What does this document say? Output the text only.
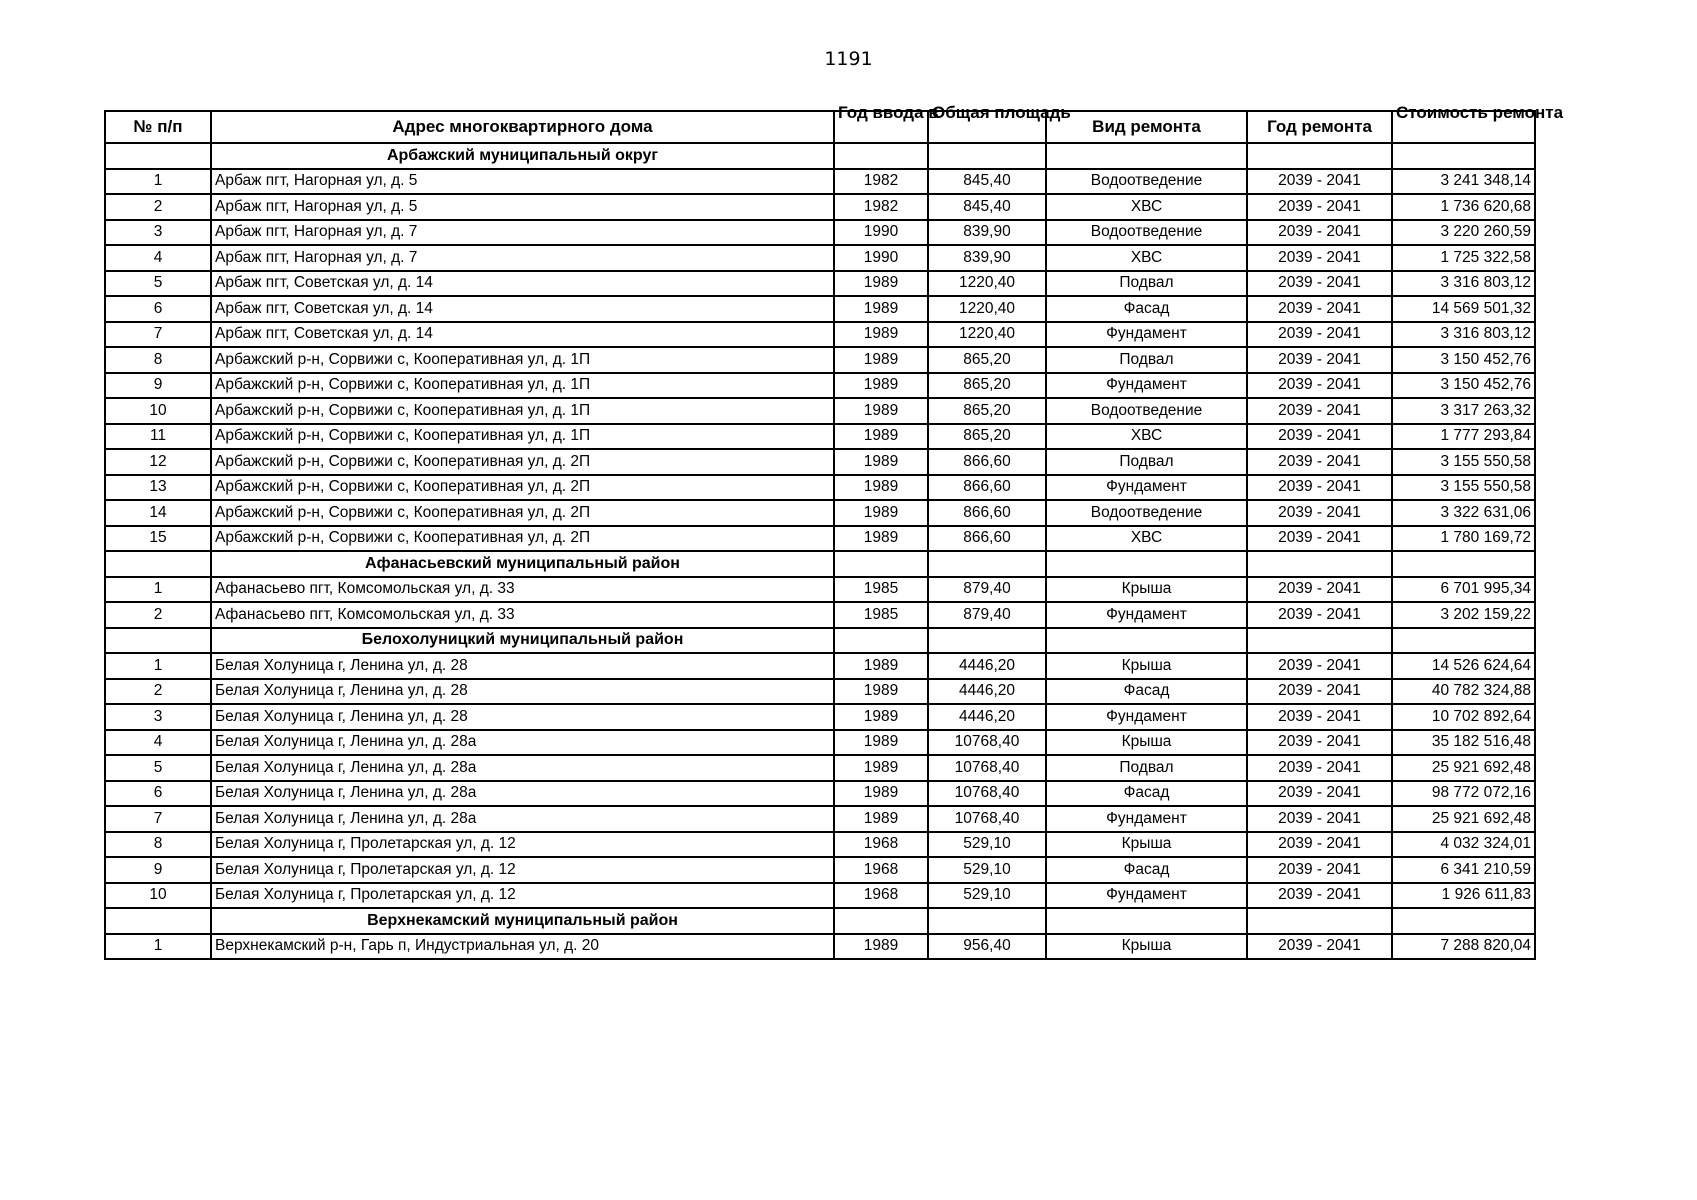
1191
№ п/п	Адрес многоквартирного дома	Год ввода в	Общая площадь	Вид ремонта	Год ремонта	Стоимость ремонта

	Арбажский муниципальный округ					
1	Арбаж пгт, Нагорная ул, д. 5	1982	845,40	Водоотведение	2039 - 2041	3 241 348,14
2	Арбаж пгт, Нагорная ул, д. 5	1982	845,40	ХВС	2039 - 2041	1 736 620,68
3	Арбаж пгт, Нагорная ул, д. 7	1990	839,90	Водоотведение	2039 - 2041	3 220 260,59
4	Арбаж пгт, Нагорная ул, д. 7	1990	839,90	ХВС	2039 - 2041	1 725 322,58
5	Арбаж пгт, Советская ул, д. 14	1989	1220,40	Подвал	2039 - 2041	3 316 803,12
6	Арбаж пгт, Советская ул, д. 14	1989	1220,40	Фасад	2039 - 2041	14 569 501,32
7	Арбаж пгт, Советская ул, д. 14	1989	1220,40	Фундамент	2039 - 2041	3 316 803,12
8	Арбажский р-н, Сорвижи с, Кооперативная ул, д. 1П	1989	865,20	Подвал	2039 - 2041	3 150 452,76
9	Арбажский р-н, Сорвижи с, Кооперативная ул, д. 1П	1989	865,20	Фундамент	2039 - 2041	3 150 452,76
10	Арбажский р-н, Сорвижи с, Кооперативная ул, д. 1П	1989	865,20	Водоотведение	2039 - 2041	3 317 263,32
11	Арбажский р-н, Сорвижи с, Кооперативная ул, д. 1П	1989	865,20	ХВС	2039 - 2041	1 777 293,84
12	Арбажский р-н, Сорвижи с, Кооперативная ул, д. 2П	1989	866,60	Подвал	2039 - 2041	3 155 550,58
13	Арбажский р-н, Сорвижи с, Кооперативная ул, д. 2П	1989	866,60	Фундамент	2039 - 2041	3 155 550,58
14	Арбажский р-н, Сорвижи с, Кооперативная ул, д. 2П	1989	866,60	Водоотведение	2039 - 2041	3 322 631,06
15	Арбажский р-н, Сорвижи с, Кооперативная ул, д. 2П	1989	866,60	ХВС	2039 - 2041	1 780 169,72
	Афанасьевский муниципальный район					
1	Афанасьево пгт, Комсомольская ул, д. 33	1985	879,40	Крыша	2039 - 2041	6 701 995,34
2	Афанасьево пгт, Комсомольская ул, д. 33	1985	879,40	Фундамент	2039 - 2041	3 202 159,22
	Белохолуницкий муниципальный район					
1	Белая Холуница г, Ленина ул, д. 28	1989	4446,20	Крыша	2039 - 2041	14 526 624,64
2	Белая Холуница г, Ленина ул, д. 28	1989	4446,20	Фасад	2039 - 2041	40 782 324,88
3	Белая Холуница г, Ленина ул, д. 28	1989	4446,20	Фундамент	2039 - 2041	10 702 892,64
4	Белая Холуница г, Ленина ул, д. 28а	1989	10768,40	Крыша	2039 - 2041	35 182 516,48
5	Белая Холуница г, Ленина ул, д. 28а	1989	10768,40	Подвал	2039 - 2041	25 921 692,48
6	Белая Холуница г, Ленина ул, д. 28а	1989	10768,40	Фасад	2039 - 2041	98 772 072,16
7	Белая Холуница г, Ленина ул, д. 28а	1989	10768,40	Фундамент	2039 - 2041	25 921 692,48
8	Белая Холуница г, Пролетарская ул, д. 12	1968	529,10	Крыша	2039 - 2041	4 032 324,01
9	Белая Холуница г, Пролетарская ул, д. 12	1968	529,10	Фасад	2039 - 2041	6 341 210,59
10	Белая Холуница г, Пролетарская ул, д. 12	1968	529,10	Фундамент	2039 - 2041	1 926 611,83
	Верхнекамский муниципальный район					
1	Верхнекамский р-н, Гарь п, Индустриальная ул, д. 20	1989	956,40	Крыша	2039 - 2041	7 288 820,04
